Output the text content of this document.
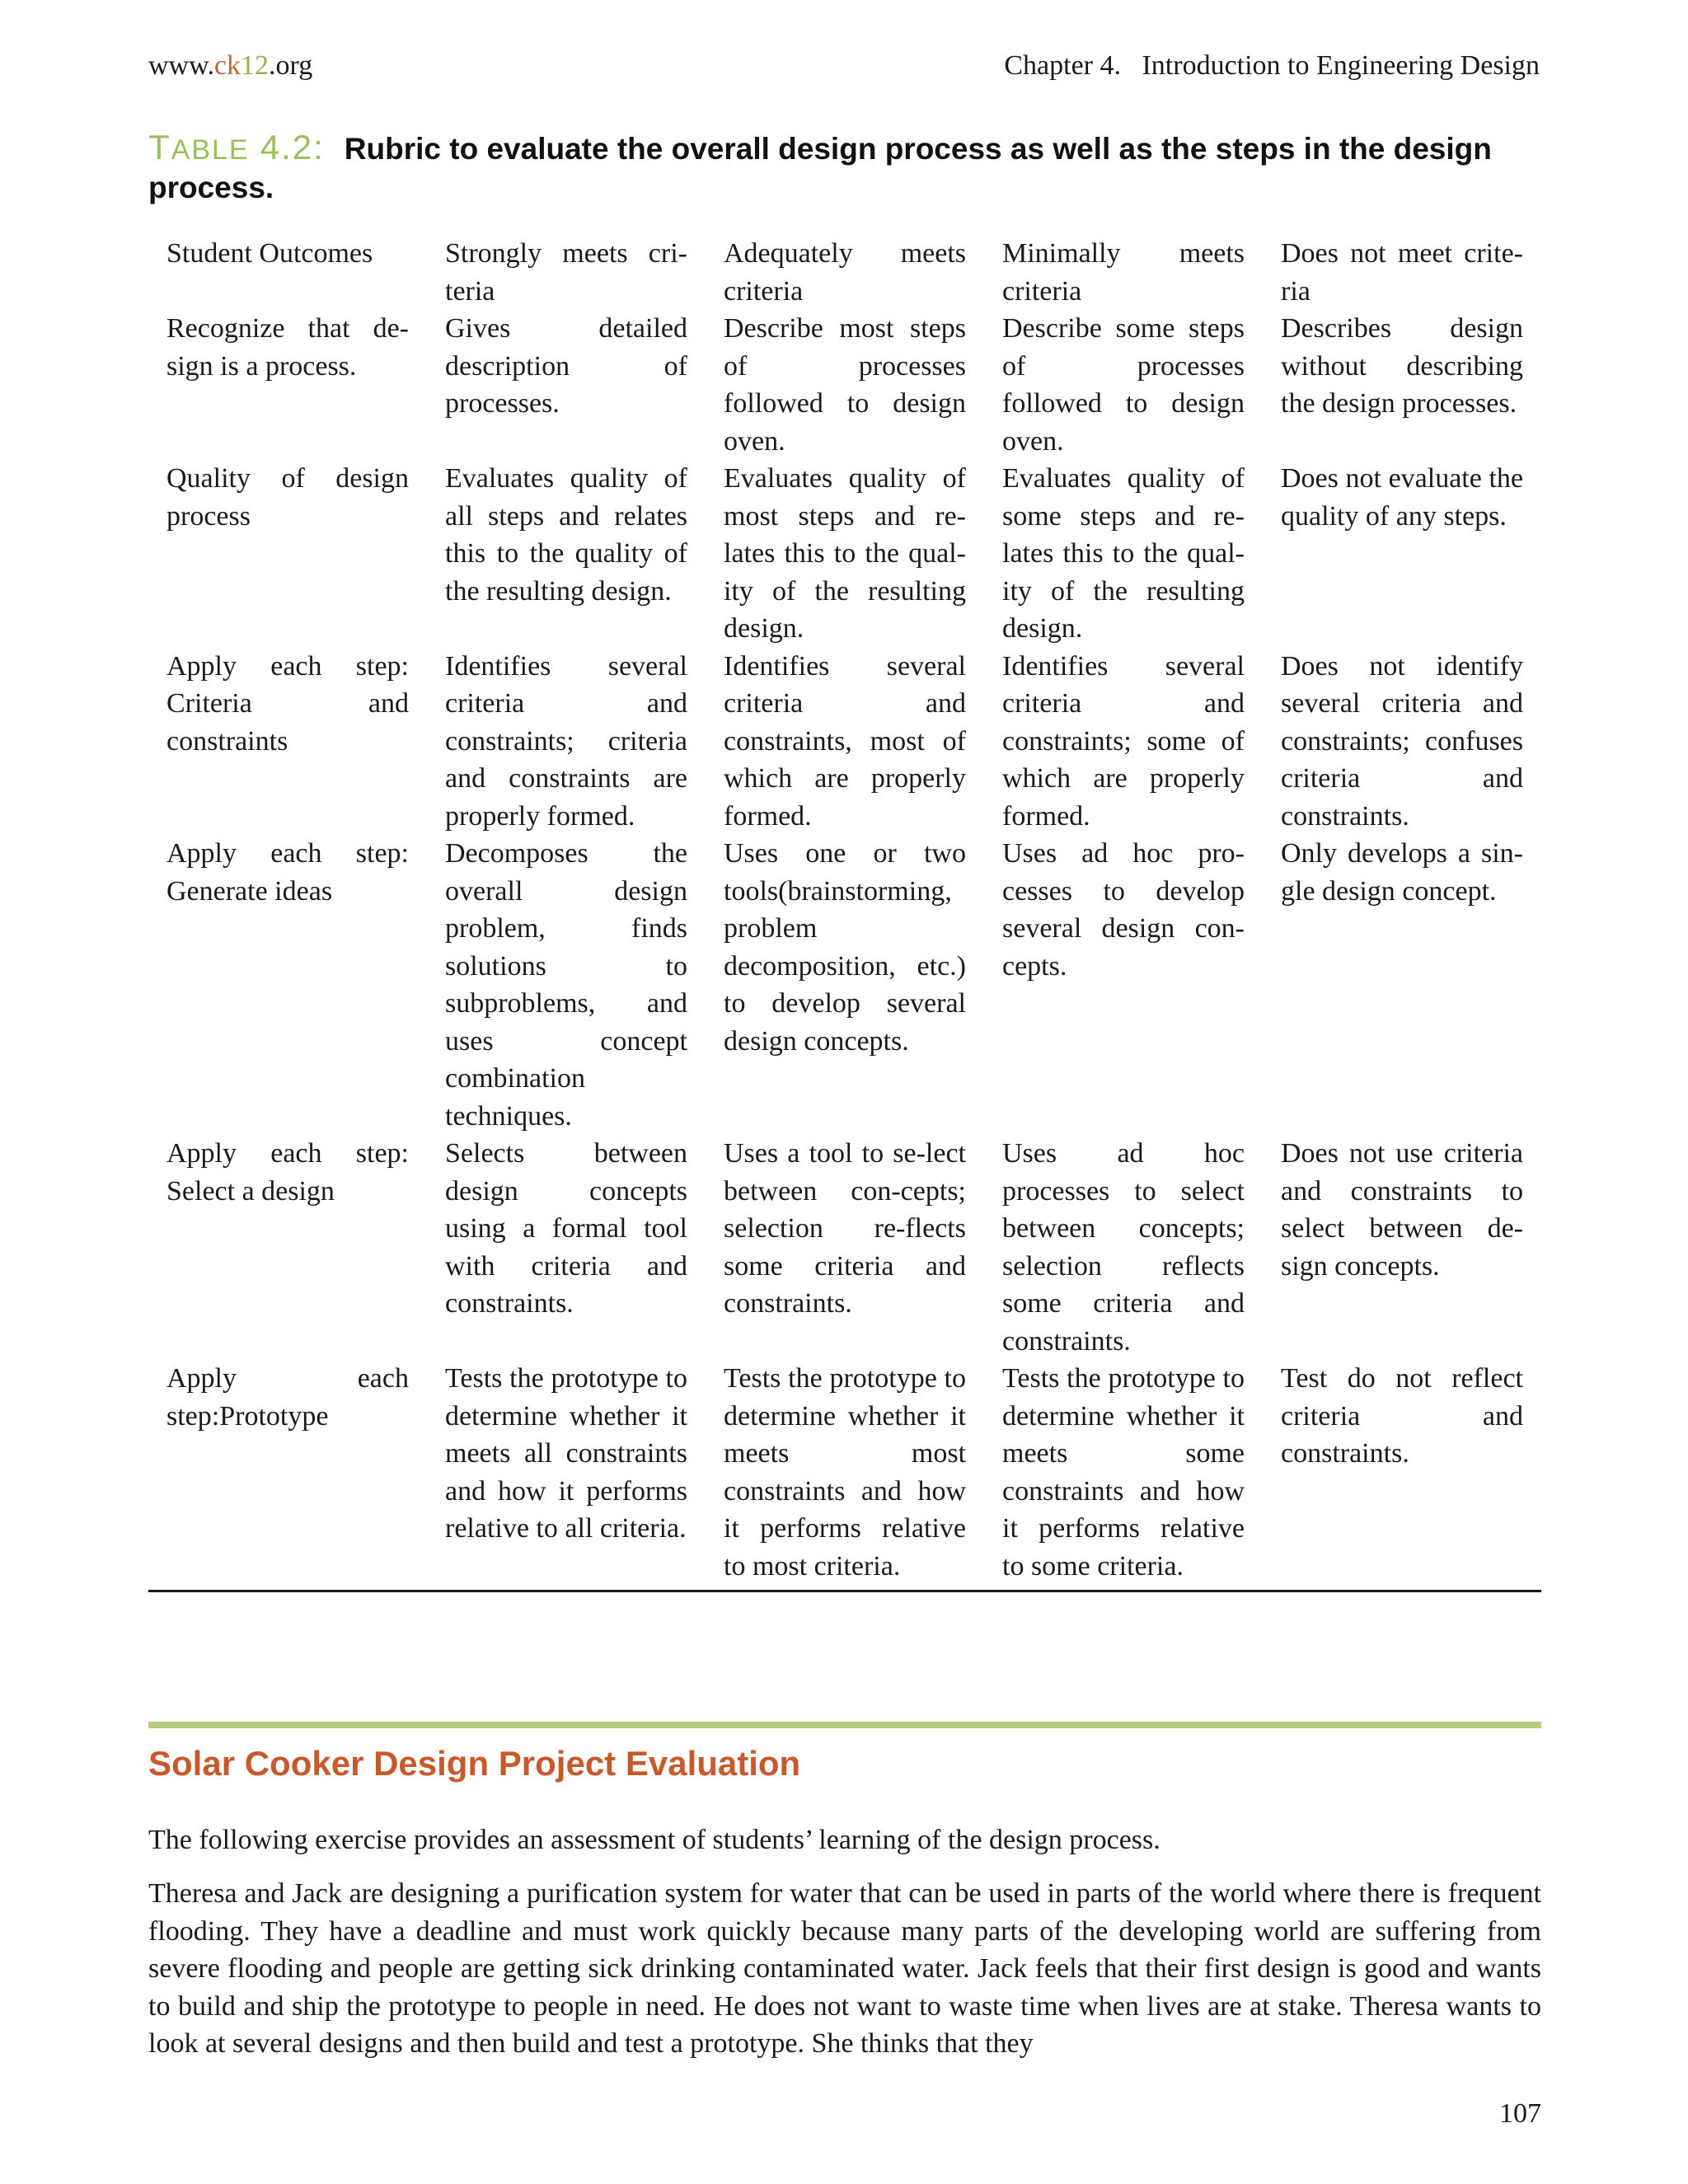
www.ck12.org	Chapter 4.   Introduction to Engineering Design
TABLE 4.2: Rubric to evaluate the overall design process as well as the steps in the design process.
Student Outcomes	Strongly meets cri-teria	Adequately meets criteria	Minimally meets criteria	Does not meet crite-ria
Recognize that de-sign is a process.	Gives detailed description of processes.	Describe most steps of processes followed to design oven.	Describe some steps of processes followed to design oven.	Describes design without describing the design processes.
Quality of design process	Evaluates quality of all steps and relates this to the quality of the resulting design.	Evaluates quality of most steps and re-lates this to the qual-ity of the resulting design.	Evaluates quality of some steps and re-lates this to the qual-ity of the resulting design.	Does not evaluate the quality of any steps.
Apply each step: Criteria and constraints	Identifies several criteria and constraints; criteria and constraints are properly formed.	Identifies several criteria and constraints, most of which are properly formed.	Identifies several criteria and constraints; some of which are properly formed.	Does not identify several criteria and constraints; confuses criteria and constraints.
Apply each step: Generate ideas	Decomposes the overall design problem, finds solutions to subproblems, and uses concept combination techniques.	Uses one or two tools(brainstorming, problem decomposition, etc.) to develop several design concepts.	Uses ad hoc pro-cesses to develop several design con-cepts.	Only develops a sin-gle design concept.
Apply each step: Select a design	Selects between design concepts using a formal tool with criteria and constraints.	Uses a tool to se-lect between con-cepts; selection re-flects some criteria and constraints.	Uses ad hoc processes to select between concepts; selection reflects some criteria and constraints.	Does not use criteria and constraints to select between de-sign concepts.
Apply each step:Prototype	Tests the prototype to determine whether it meets all constraints and how it performs relative to all criteria.	Tests the prototype to determine whether it meets most constraints and how it performs relative to most criteria.	Tests the prototype to determine whether it meets some constraints and how it performs relative to some criteria.	Test do not reflect criteria and constraints.
Solar Cooker Design Project Evaluation

The following exercise provides an assessment of students’ learning of the design process.

Theresa and Jack are designing a purification system for water that can be used in parts of the world where there is frequent flooding. They have a deadline and must work quickly because many parts of the developing world are suffering from severe flooding and people are getting sick drinking contaminated water. Jack feels that their first design is good and wants to build and ship the prototype to people in need. He does not want to waste time when lives are at stake. Theresa wants to look at several designs and then build and test a prototype. She thinks that they

107
